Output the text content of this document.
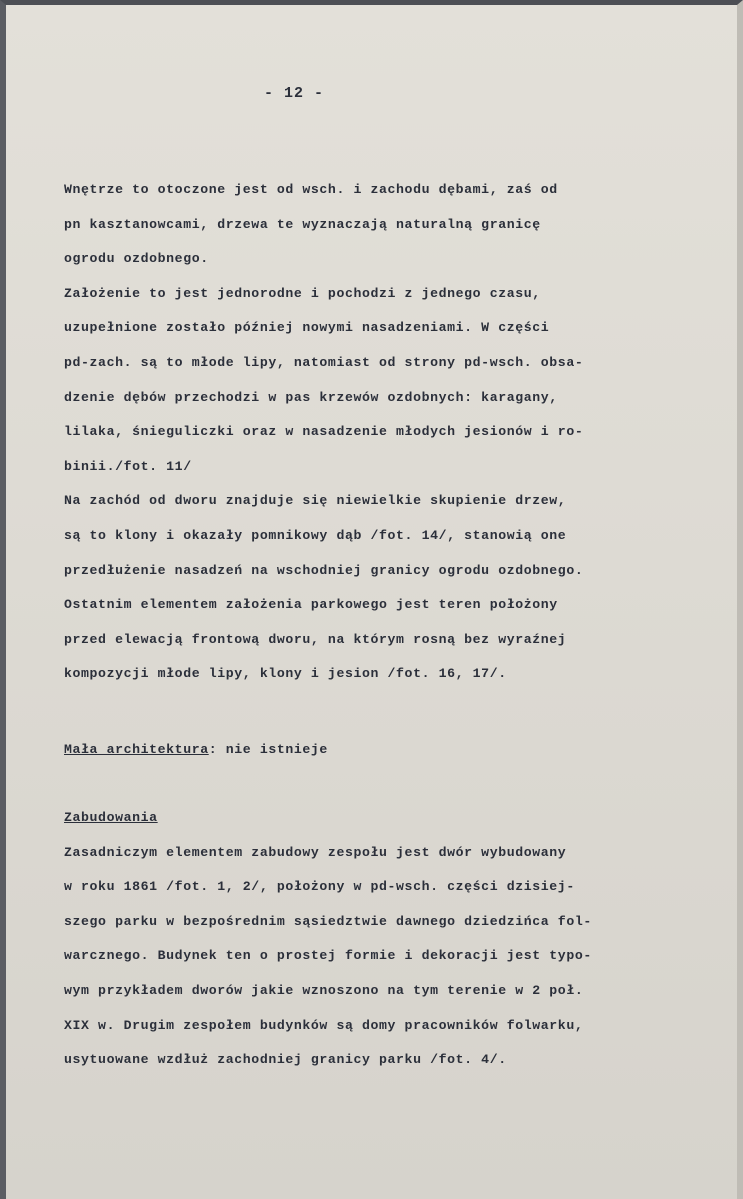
- 12 -
Wnętrze to otoczone jest od wsch. i zachodu dębami, zaś od
pn kasztanowcami, drzewa te wyznaczają naturalną granicę
ogrodu ozdobnego.
Założenie to jest jednorodne i pochodzi z jednego czasu,
uzupełnione zostało później nowymi nasadzeniami. W części
pd-zach. są to młode lipy, natomiast od strony pd-wsch. obsa-
dzenie dębów przechodzi w pas krzewów ozdobnych: karagany,
lilaka, śnieguliczki oraz w nasadzenie młodych jesionów i ro-
binii./fot. 11/
Na zachód od dworu znajduje się niewielkie skupienie drzew,
są to klony i okazały pomnikowy dąb /fot. 14/, stanowią one
przedłużenie nasadzeń na wschodniej granicy ogrodu ozdobnego.
Ostatnim elementem założenia parkowego jest teren położony
przed elewacją frontową dworu, na którym rosną bez wyraźnej
kompozycji młode lipy, klony i jesion /fot. 16, 17/.
Mała architektura: nie istnieje
Zabudowania
Zasadniczym elementem zabudowy zespołu jest dwór wybudowany
w roku 1861 /fot. 1, 2/, położony w pd-wsch. części dzisiej-
szego parku w bezpośrednim sąsiedztwie dawnego dziedzińca fol-
warcznego. Budynek ten o prostej formie i dekoracji jest typo-
wym przykładem dworów jakie wznoszono na tym terenie w 2 poł.
XIX w. Drugim zespołem budynków są domy pracowników folwarku,
usytuowane wzdłuż zachodniej granicy parku /fot. 4/.
